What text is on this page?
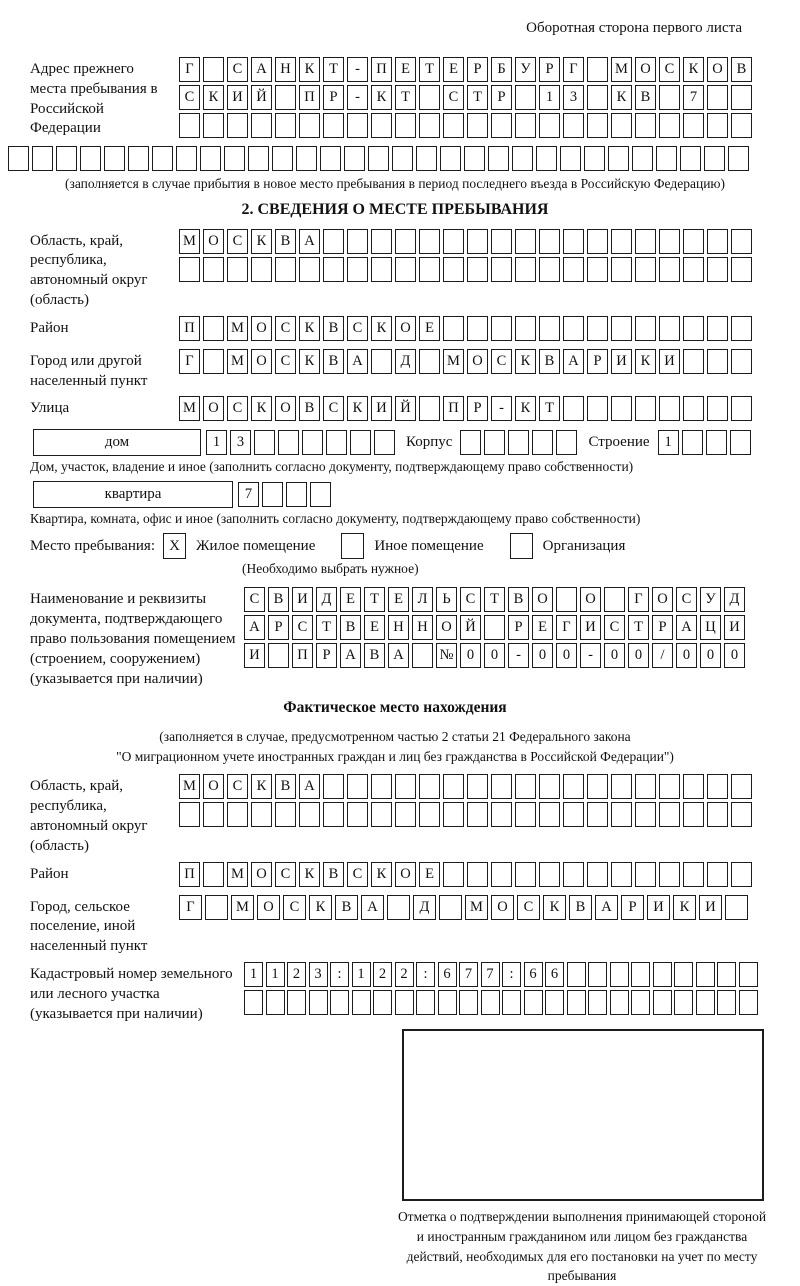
Оборотная сторона первого листа
Адрес прежнего места пребывания в Российской Федерации
Г	С А Н К	Т	-	П Е	Т	Е	Р	Б	У	Р	Г	М О С К О В
С К И Й	П	Р	-	К	Т	С	Т	Р	1	3	К В	7
(заполняется в случае прибытия в новое место пребывания в период последнего въезда в Российскую Федерацию)
2. СВЕДЕНИЯ О МЕСТЕ ПРЕБЫВАНИЯ
Область, край, республика, автономный округ (область)
М О С К В А
Район	П	М О С К В С К О Е
Город или другой населенный пункт
Г	М О С К В А	Д	М О С К В А	Р	И К И
Улица	М О С К О В С К И Й	П	Р	-	К	Т
дом	1	3	Корпус	Строение	1
Дом, участок, владение и иное (заполнить согласно документу, подтверждающему право собственности)
квартира	7
Квартира, комната, офис и иное (заполнить согласно документу, подтверждающему право собственности)
Место пребывания: X	Жилое помещение	Иное помещение	Организация
(Необходимо выбрать нужное)
Наименование и реквизиты документа, подтверждающего право пользования помещением (строением, сооружением) (указывается при наличии)
С В И Д	Е	Т	Е	Л	Ь	С	Т	В О	О	Г	О С У Д
А	Р	С	Т	В	Е Н Н О Й	Р	Е	Г	И С	Т	Р	А Ц И
И	П	Р	А В А	№ 0	0	-	0	0	-	0	0	/	0	0	0
Фактическое место нахождения
(заполняется в случае, предусмотренном частью 2 статьи 21 Федерального закона
"О миграционном учете иностранных граждан и лиц без гражданства в Российской Федерации")
Область, край, республика, автономный округ (область)
М О С К В А
Район	П	М О С К В С К О Е
Город, сельское поселение, иной населенный пункт
Г	М О	С	К	В	А	Д	М О	С	К	В	А	Р	И	К	И
Кадастровый номер земельного или лесного участка (указывается при наличии)
1 1 2 3	:	1 2 2	:	6 7 7	:	6 6
Отметка о подтверждении выполнения принимающей стороной и иностранным гражданином или лицом без гражданства действий, необходимых для его постановки на учет по месту пребывания
